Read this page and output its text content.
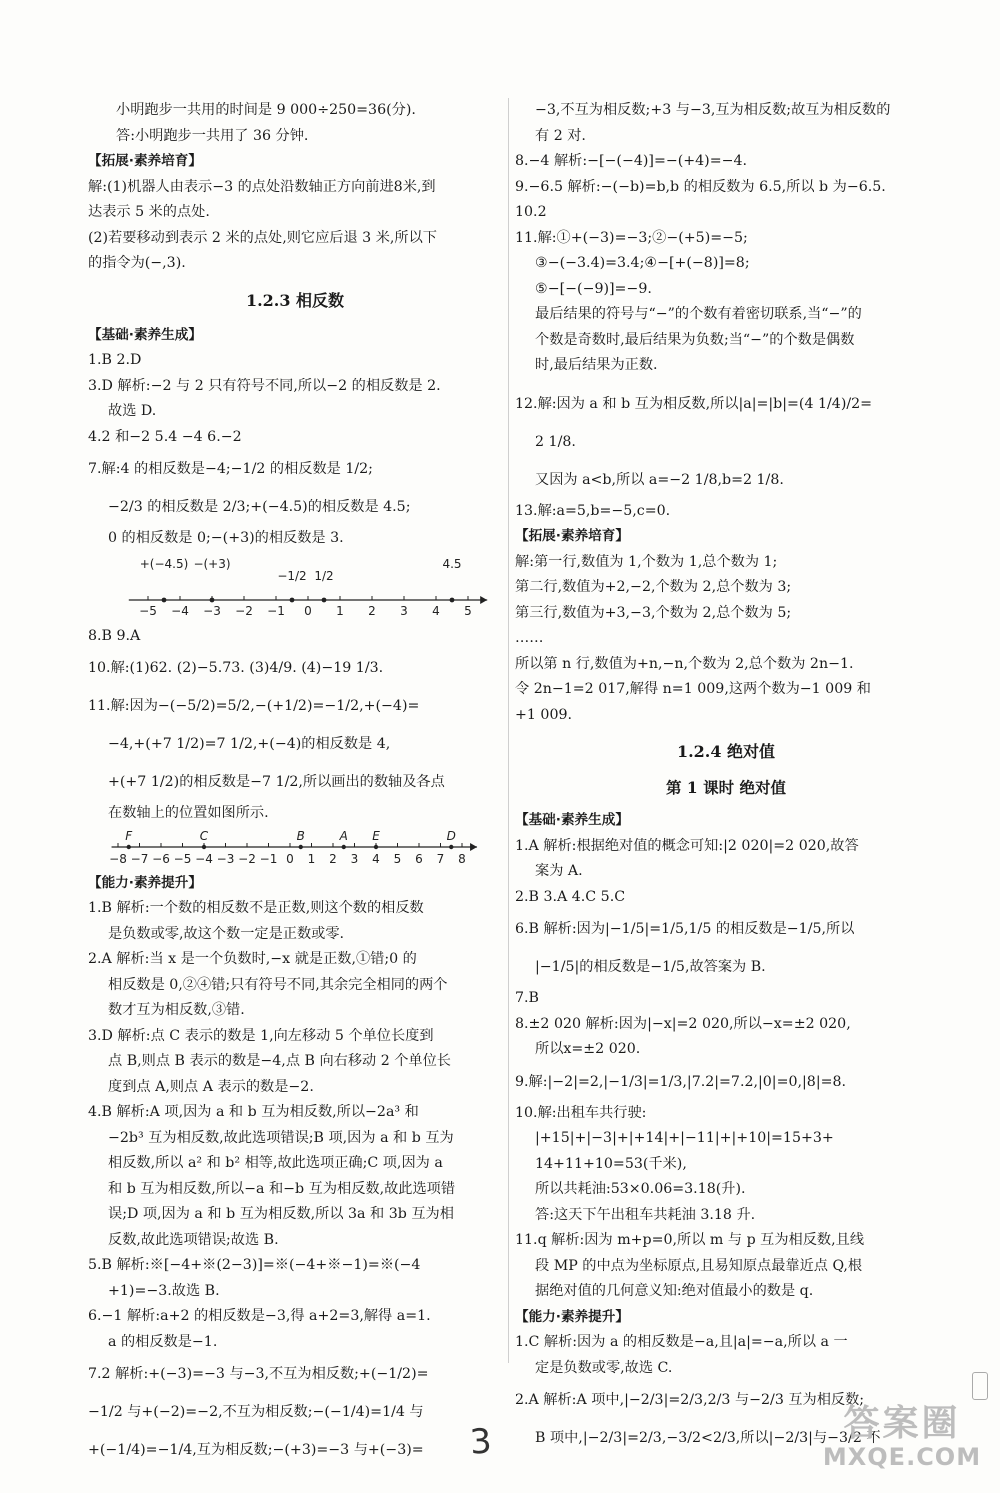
小明跑步一共用的时间是 9 000÷250=36(分).
答:小明跑步一共用了 36 分钟.
【拓展·素养培育】
解:(1)机器人由表示−3 的点处沿数轴正方向前进8米,到
达表示 5 米的点处.
(2)若要移动到表示 2 米的点处,则它应后退 3 米,所以下
的指令为(−,3).
1.2.3 相反数
【基础·素养生成】
1.B 2.D
3.D 解析:−2 与 2 只有符号不同,所以−2 的相反数是 2.
故选 D.
4.2 和−2 5.4 −4 6.−2
7.解:4 的相反数是−4;−1/2 的相反数是 1/2;
−2/3 的相反数是 2/3;+(−4.5)的相反数是 4.5;
0 的相反数是 0;−(+3)的相反数是 3.
−5 −4 −3 −2 −1 0 1 2 3 4 5
+(−4.5) −(+3)
−1/2 1/2
4.5
8.B 9.A
10.解:(1)62. (2)−5.73. (3)4/9. (4)−19 1/3.
11.解:因为−(−5/2)=5/2,−(+1/2)=−1/2,+(−4)=
−4,+(+7 1/2)=7 1/2,+(−4)的相反数是 4,
+(+7 1/2)的相反数是−7 1/2,所以画出的数轴及各点
在数轴上的位置如图所示.
−8 −7 −6 −5 −4 −3 −2 −1 0 1 2 3 4 5 6 7 8
F	C	B	A E	D
【能力·素养提升】
1.B 解析:一个数的相反数不是正数,则这个数的相反数
是负数或零,故这个数一定是正数或零.
2.A 解析:当 x 是一个负数时,−x 就是正数,①错;0 的
相反数是 0,②④错;只有符号不同,其余完全相同的两个
数才互为相反数,③错.
3.D 解析:点 C 表示的数是 1,向左移动 5 个单位长度到
点 B,则点 B 表示的数是−4,点 B 向右移动 2 个单位长
度到点 A,则点 A 表示的数是−2.
4.B 解析:A 项,因为 a 和 b 互为相反数,所以−2a³ 和
−2b³ 互为相反数,故此选项错误;B 项,因为 a 和 b 互为
相反数,所以 a² 和 b² 相等,故此选项正确;C 项,因为 a
和 b 互为相反数,所以−a 和−b 互为相反数,故此选项错
误;D 项,因为 a 和 b 互为相反数,所以 3a 和 3b 互为相
反数,故此选项错误;故选 B.
5.B 解析:※[−4+※(2−3)]=※(−4+※−1)=※(−4
+1)=−3.故选 B.
6.−1 解析:a+2 的相反数是−3,得 a+2=3,解得 a=1.
a 的相反数是−1.
7.2 解析:+(−3)=−3 与−3,不互为相反数;+(−1/2)=
−1/2 与+(−2)=−2,不互为相反数;−(−1/4)=1/4 与
+(−1/4)=−1/4,互为相反数;−(+3)=−3 与+(−3)=
−3,不互为相反数;+3 与−3,互为相反数;故互为相反数的
有 2 对.
8.−4 解析:−[−(−4)]=−(+4)=−4.
9.−6.5 解析:−(−b)=b,b 的相反数为 6.5,所以 b 为−6.5.
10.2
11.解:①+(−3)=−3;②−(+5)=−5;
③−(−3.4)=3.4;④−[+(−8)]=8;
⑤−[−(−9)]=−9.
最后结果的符号与“−”的个数有着密切联系,当“−”的
个数是奇数时,最后结果为负数;当“−”的个数是偶数
时,最后结果为正数.
12.解:因为 a 和 b 互为相反数,所以|a|=|b|=(4 1/4)/2=
2 1/8.
又因为 a<b,所以 a=−2 1/8,b=2 1/8.
13.解:a=5,b=−5,c=0.
【拓展·素养培育】
解:第一行,数值为 1,个数为 1,总个数为 1;
第二行,数值为+2,−2,个数为 2,总个数为 3;
第三行,数值为+3,−3,个数为 2,总个数为 5;
……
所以第 n 行,数值为+n,−n,个数为 2,总个数为 2n−1.
令 2n−1=2 017,解得 n=1 009,这两个数为−1 009 和
+1 009.
1.2.4 绝对值
第 1 课时 绝对值
【基础·素养生成】
1.A 解析:根据绝对值的概念可知:|2 020|=2 020,故答
案为 A.
2.B 3.A 4.C 5.C
6.B 解析:因为|−1/5|=1/5,1/5 的相反数是−1/5,所以
|−1/5|的相反数是−1/5,故答案为 B.
7.B
8.±2 020 解析:因为|−x|=2 020,所以−x=±2 020,
所以x=±2 020.
9.解:|−2|=2,|−1/3|=1/3,|7.2|=7.2,|0|=0,|8|=8.
10.解:出租车共行驶:
|+15|+|−3|+|+14|+|−11|+|+10|=15+3+
14+11+10=53(千米),
所以共耗油:53×0.06=3.18(升).
答:这天下午出租车共耗油 3.18 升.
11.q 解析:因为 m+p=0,所以 m 与 p 互为相反数,且线
段 MP 的中点为坐标原点,且易知原点最靠近点 Q,根
据绝对值的几何意义知:绝对值最小的数是 q.
【能力·素养提升】
1.C 解析:因为 a 的相反数是−a,且|a|=−a,所以 a 一
定是负数或零,故选 C.
2.A 解析:A 项中,|−2/3|=2/3,2/3 与−2/3 互为相反数;
B 项中,|−2/3|=2/3,−3/2<2/3,所以|−2/3|与−3/2 不
3	答案圈
MXQE.COM
